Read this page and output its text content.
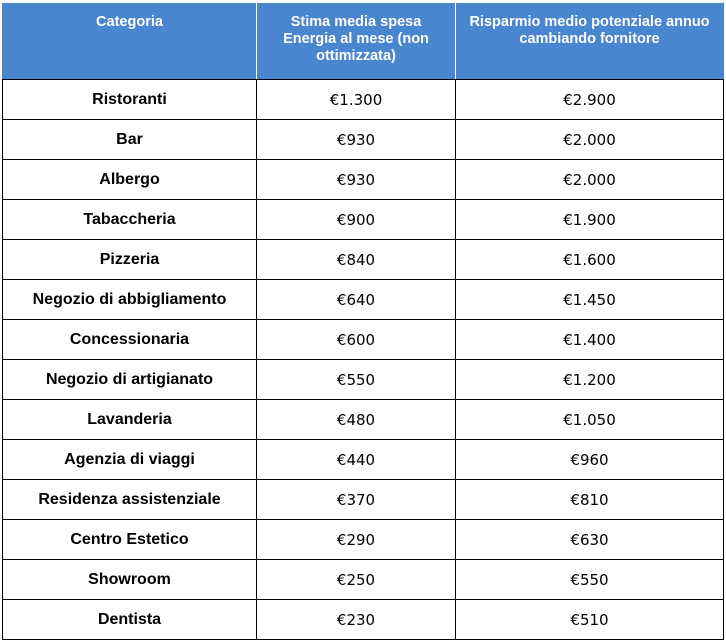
Categoria	Stima media spesa Energia al mese (non ottimizzata)	Risparmio medio potenziale annuo cambiando fornitore
Ristoranti	€1.300	€2.900
Bar	€930	€2.000
Albergo	€930	€2.000
Tabaccheria	€900	€1.900
Pizzeria	€840	€1.600
Negozio di abbigliamento	€640	€1.450
Concessionaria	€600	€1.400
Negozio di artigianato	€550	€1.200
Lavanderia	€480	€1.050
Agenzia di viaggi	€440	€960
Residenza assistenziale	€370	€810
Centro Estetico	€290	€630
Showroom	€250	€550
Dentista	€230	€510
